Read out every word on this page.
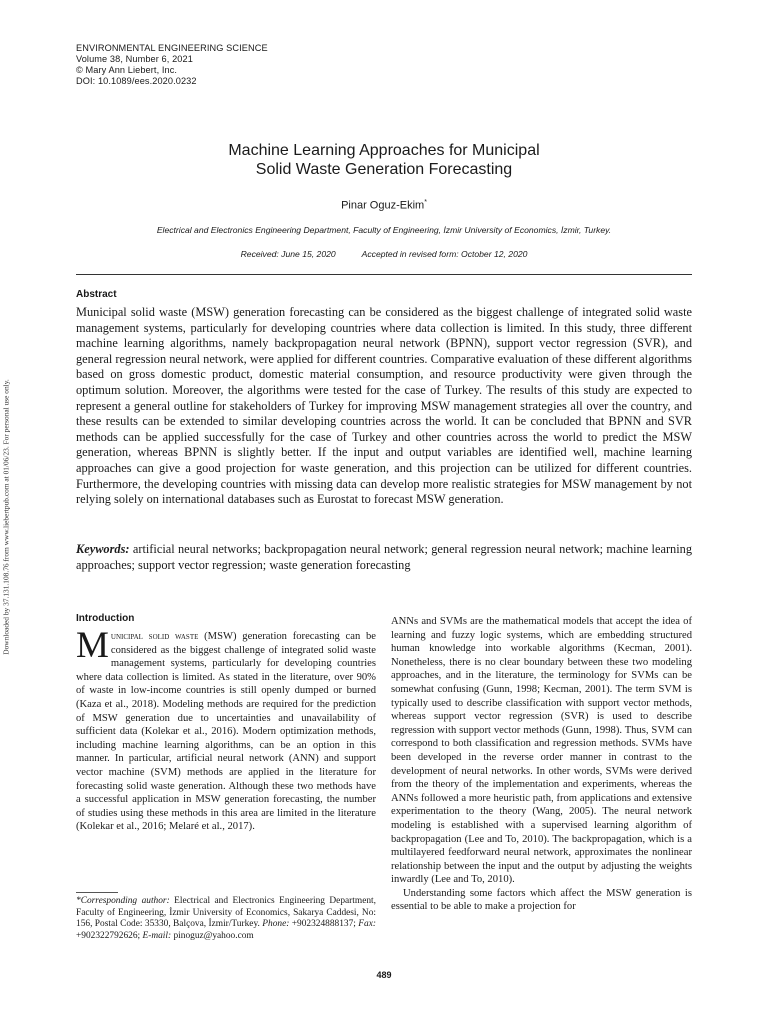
ENVIRONMENTAL ENGINEERING SCIENCE
Volume 38, Number 6, 2021
© Mary Ann Liebert, Inc.
DOI: 10.1089/ees.2020.0232
Downloaded by 37.131.108.76 from www.liebertpub.com at 01/06/23. For personal use only.
Machine Learning Approaches for Municipal
Solid Waste Generation Forecasting
Pinar Oguz-Ekim*
Electrical and Electronics Engineering Department, Faculty of Engineering, İzmir University of Economics, İzmir, Turkey.
Received: June 15, 2020	Accepted in revised form: October 12, 2020
Abstract
Municipal solid waste (MSW) generation forecasting can be considered as the biggest challenge of integrated solid waste management systems, particularly for developing countries where data collection is limited. In this study, three different machine learning algorithms, namely backpropagation neural network (BPNN), support vector regression (SVR), and general regression neural network, were applied for different countries. Comparative evaluation of these different algorithms based on gross domestic product, domestic material consumption, and resource productivity were given through the optimum solution. Moreover, the algorithms were tested for the case of Turkey. The results of this study are expected to represent a general outline for stakeholders of Turkey for improving MSW management strategies all over the country, and these results can be extended to similar developing countries across the world. It can be concluded that BPNN and SVR methods can be applied successfully for the case of Turkey and other countries across the world to predict the MSW generation, whereas BPNN is slightly better. If the input and output variables are identified well, machine learning approaches can give a good projection for waste generation, and this projection can be utilized for different countries. Furthermore, the developing countries with missing data can develop more realistic strategies for MSW management by not relying solely on international databases such as Eurostat to forecast MSW generation.
Keywords: artificial neural networks; backpropagation neural network; general regression neural network; machine learning approaches; support vector regression; waste generation forecasting
Introduction
Municipal solid waste (MSW) generation forecasting can be considered as the biggest challenge of integrated solid waste management systems, particularly for developing countries where data collection is limited. As stated in the literature, over 90% of waste in low-income countries is still openly dumped or burned (Kaza et al., 2018). Modeling methods are required for the prediction of MSW generation due to uncertainties and unavailability of sufficient data (Kolekar et al., 2016). Modern optimization methods, including machine learning algorithms, can be an option in this manner. In particular, artificial neural network (ANN) and support vector machine (SVM) methods are applied in the literature for forecasting solid waste generation. Although these two methods have a successful application in MSW generation forecasting, the number of studies using these methods in this area are limited in the literature (Kolekar et al., 2016; Melaré et al., 2017).
*Corresponding author: Electrical and Electronics Engineering Department, Faculty of Engineering, İzmir University of Economics, Sakarya Caddesi, No: 156, Postal Code: 35330, Balçova, İzmir/Turkey. Phone: +902324888137; Fax: +902322792626; E-mail: pinoguz@yahoo.com

ANNs and SVMs are the mathematical models that accept the idea of learning and fuzzy logic systems, which are embedding structured human knowledge into workable algorithms (Kecman, 2001). Nonetheless, there is no clear boundary between these two modeling approaches, and in the literature, the terminology for SVMs can be somewhat confusing (Gunn, 1998; Kecman, 2001). The term SVM is typically used to describe classification with support vector methods, whereas support vector regression (SVR) is used to describe regression with support vector methods (Gunn, 1998). Thus, SVM can correspond to both classification and regression methods. SVMs have been developed in the reverse order manner in contrast to the development of neural networks. In other words, SVMs were derived from the theory of the implementation and experiments, whereas the ANNs followed a more heuristic path, from applications and extensive experimentation to the theory (Wang, 2005). The neural network modeling is established with a supervised learning algorithm of backpropagation (Lee and To, 2010). The backpropagation, which is a multilayered feedforward neural network, approximates the nonlinear relationship between the input and the output by adjusting the weights inwardly (Lee and To, 2010).

Understanding some factors which affect the MSW generation is essential to be able to make a projection for

489
